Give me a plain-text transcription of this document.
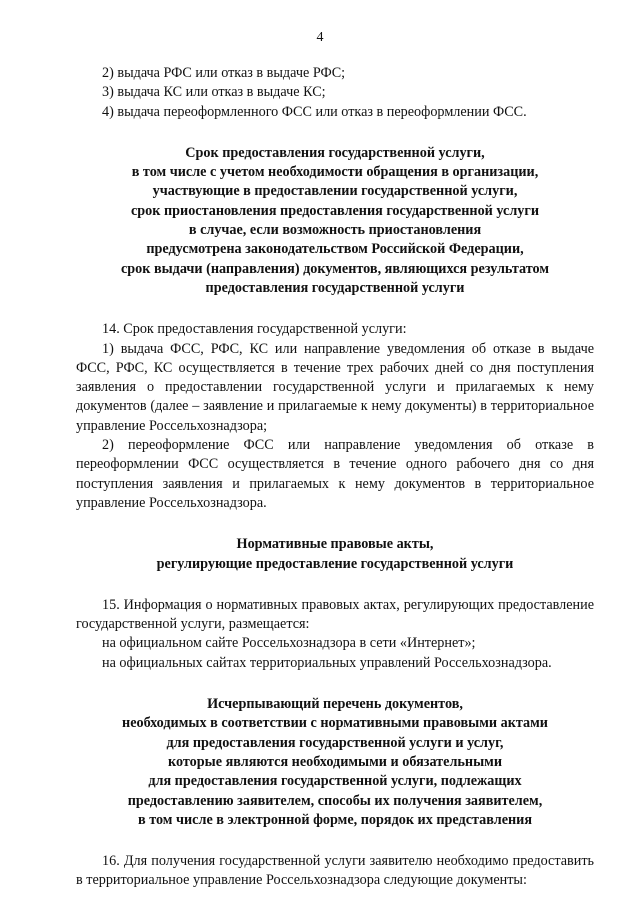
4

2) выдача РФС или отказ в выдаче РФС;

3) выдача КС или отказ в выдаче КС;

4) выдача переоформленного ФСС или отказ в переоформлении ФСС.

Срок предоставления государственной услуги,

в том числе с учетом необходимости обращения в организации,

участвующие в предоставлении государственной услуги,

срок приостановления предоставления государственной услуги

в случае, если возможность приостановления

предусмотрена законодательством Российской Федерации,

срок выдачи (направления) документов, являющихся результатом

предоставления государственной услуги

14. Срок предоставления государственной услуги:

1) выдача ФСС, РФС, КС или направление уведомления об отказе в выдаче ФСС, РФС, КС осуществляется в течение трех рабочих дней со дня поступления заявления о предоставлении государственной услуги и прилагаемых к нему документов (далее – заявление и прилагаемые к нему документы) в территориальное управление Россельхознадзора;

2) переоформление ФСС или направление уведомления об отказе в переоформлении ФСС осуществляется в течение одного рабочего дня со дня поступления заявления и прилагаемых к нему документов в территориальное управление Россельхознадзора.

Нормативные правовые акты,

регулирующие предоставление государственной услуги

15. Информация о нормативных правовых актах, регулирующих предоставление государственной услуги, размещается:

на официальном сайте Россельхознадзора в сети «Интернет»;

на официальных сайтах территориальных управлений Россельхознадзора.

Исчерпывающий перечень документов,

необходимых в соответствии с нормативными правовыми актами

для предоставления государственной услуги и услуг,

которые являются необходимыми и обязательными

для предоставления государственной услуги, подлежащих

предоставлению заявителем, способы их получения заявителем,

в том числе в электронной форме, порядок их представления

16. Для получения государственной услуги заявителю необходимо предоставить в территориальное управление Россельхознадзора следующие документы:
